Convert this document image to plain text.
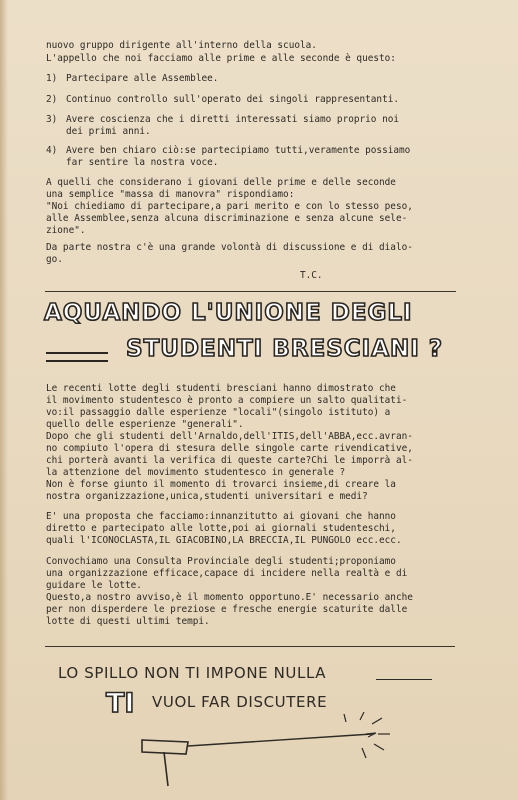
nuovo gruppo dirigente all'interno della scuola.
L'appello che noi facciamo alle prime e alle seconde è questo:
1) Partecipare alle Assemblee.
2) Continuo controllo sull'operato dei singoli rappresentanti.
3) Avere coscienza che i diretti interessati siamo proprio noi
dei primi anni.
4) Avere ben chiaro ciò:se partecipiamo tutti,veramente possiamo
far sentire la nostra voce.
A quelli che considerano i giovani delle prime e delle seconde
una semplice "massa di manovra" rispondiamo:
"Noi chiediamo di partecipare,a pari merito e con lo stesso peso,
alle Assemblee,senza alcuna discriminazione e senza alcune sele-
zione".
Da parte nostra c'è una grande volontà di discussione e di dialo-
go.
T.C.
AQUANDO L'UNIONE DEGLI
STUDENTI BRESCIANI ?
Le recenti lotte degli studenti bresciani hanno dimostrato che
il movimento studentesco è pronto a compiere un salto qualitati-
vo:il passaggio dalle esperienze "locali"(singolo istituto) a
quello delle esperienze "generali".
Dopo che gli studenti dell'Arnaldo,dell'ITIS,dell'ABBA,ecc.avran-
no compiuto l'opera di stesura delle singole carte rivendicative,
chi porterà avanti la verifica di queste carte?Chi le imporrà al-
la attenzione del movimento studentesco in generale ?
Non è forse giunto il momento di trovarci insieme,di creare la
nostra organizzazione,unica,studenti universitari e medi?
E' una proposta che facciamo:innanzitutto ai giovani che hanno
diretto e partecipato alle lotte,poi ai giornali studenteschi,
quali l'ICONOCLASTA,IL GIACOBINO,LA BRECCIA,IL PUNGOLO ecc.ecc.
Convochiamo una Consulta Provinciale degli studenti;proponiamo
una organizzazione efficace,capace di incidere nella realtà e di
guidare le lotte.
Questo,a nostro avviso,è il momento opportuno.E' necessario anche
per non disperdere le preziose e fresche energie scaturite dalle
lotte di questi ultimi tempi.
LO SPILLO NON TI IMPONE NULLA
TI VUOL FAR DISCUTERE
